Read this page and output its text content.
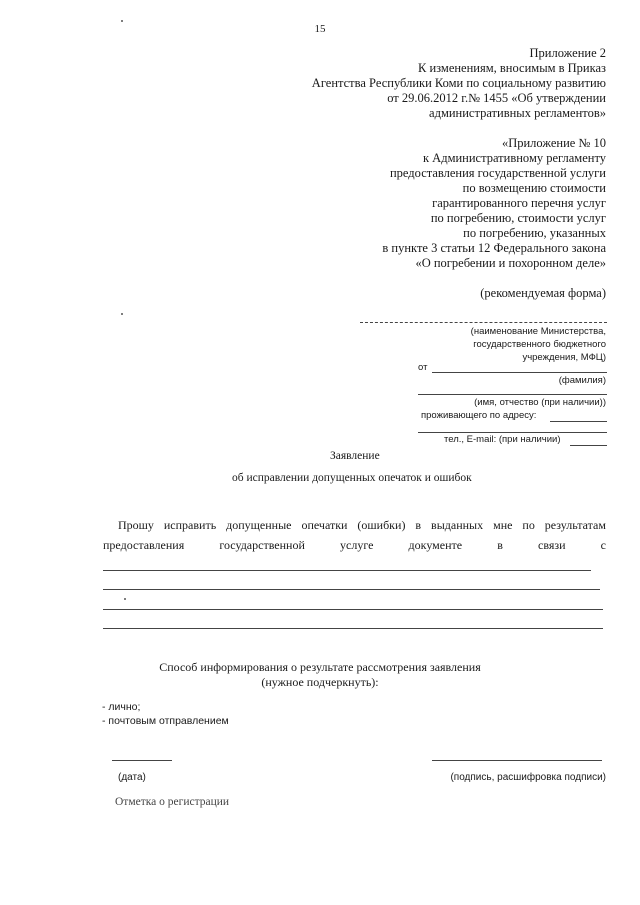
15
Приложение 2
К изменениям, вносимым в Приказ
Агентства Республики Коми по социальному развитию
от 29.06.2012 г.№ 1455 «Об утверждении
административных регламентов»
«Приложение № 10
к Административному регламенту
предоставления государственной услуги
по возмещению стоимости
гарантированного перечня услуг
по погребению, стоимости услуг
по погребению, указанных
в пункте 3 статьи 12 Федерального закона
«О погребении и похоронном деле»
(рекомендуемая форма)
(наименование Министерства,
государственного бюджетного
учреждения, МФЦ)
от
(фамилия)
(имя, отчество (при наличии))
проживающего по адресу:
тел., E-mail: (при наличии)
Заявление
об исправлении допущенных опечаток и ошибок
Прошу исправить допущенные опечатки (ошибки) в выданных мне по результатам
предоставления	государственной	услуге	документе	в	связи	с
Способ информирования о результате рассмотрения заявления
(нужное подчеркнуть):
- лично;
- почтовым отправлением
(дата)	(подпись, расшифровка подписи)
Отметка о регистрации
